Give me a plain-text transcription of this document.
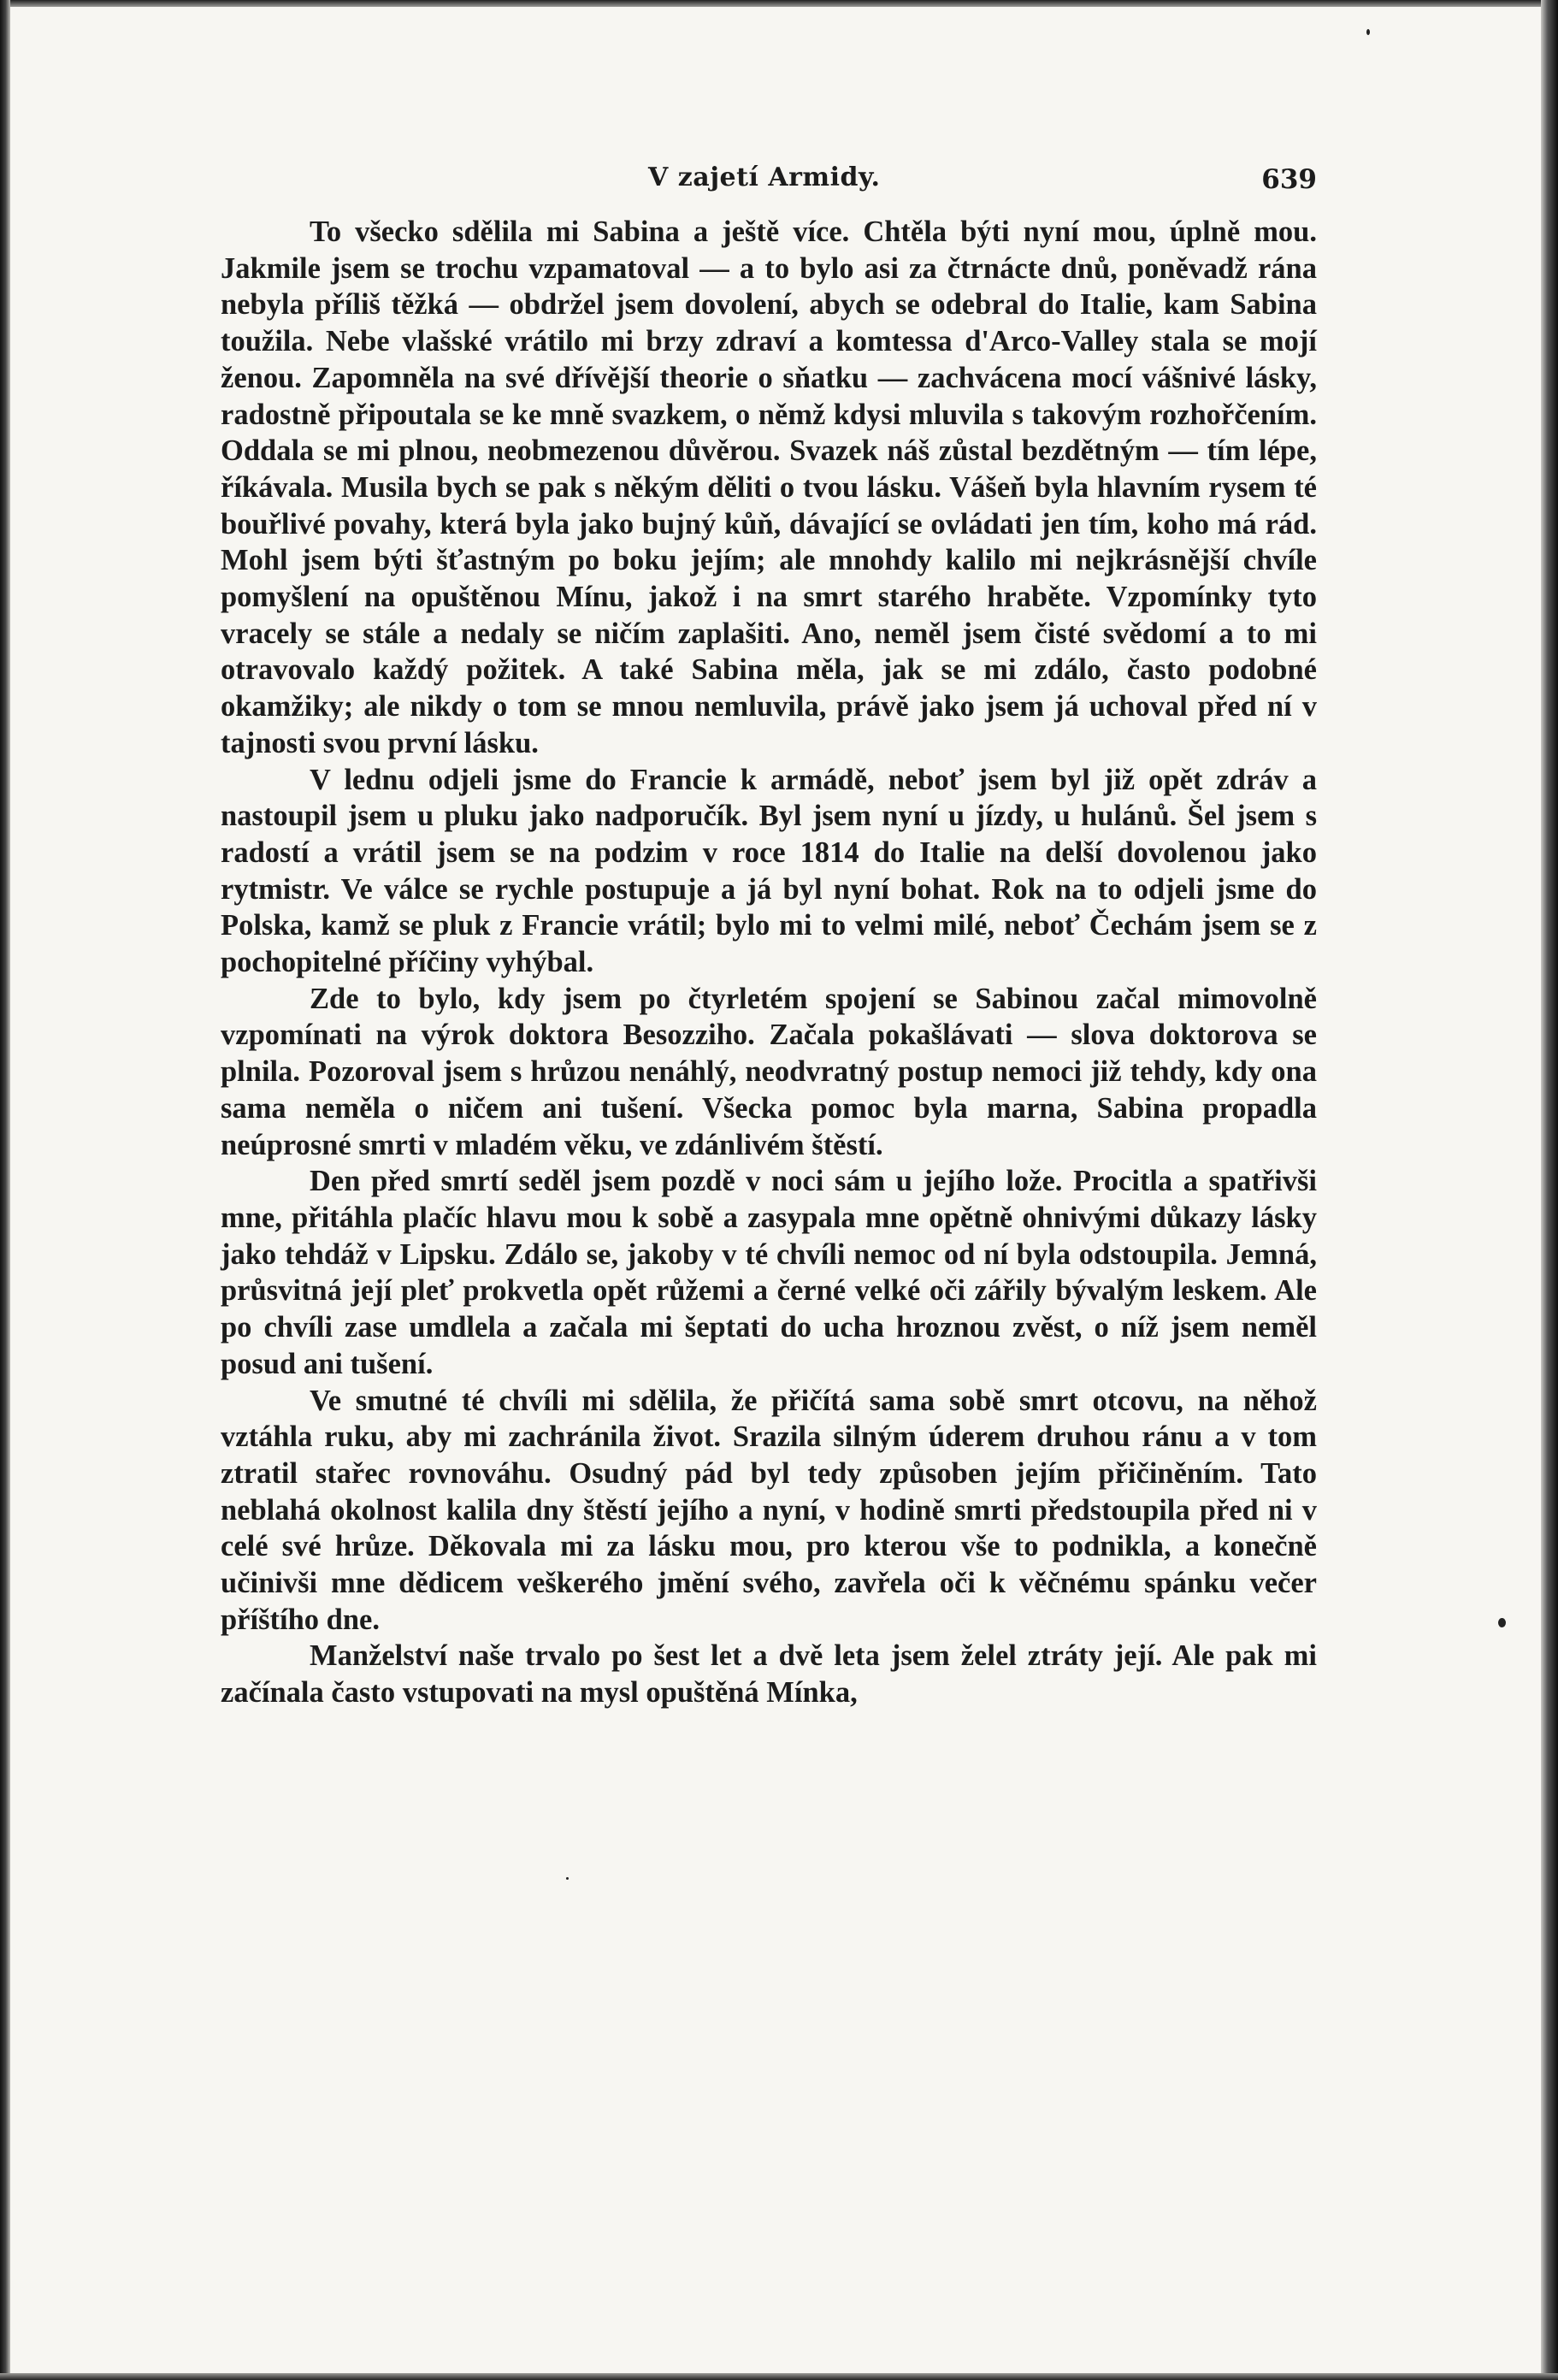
V zajetí Armidy.	639

To všecko sdělila mi Sabina a ještě více. Chtěla býti nyní mou, úplně mou. Jakmile jsem se trochu vzpamatoval — a to bylo asi za čtrnácte dnů, poněvadž rána nebyla příliš těžká — obdržel jsem dovolení, abych se odebral do Italie, kam Sabina toužila. Nebe vlašské vrátilo mi brzy zdraví a komtessa d'Arco-Valley stala se mojí ženou. Zapomněla na své dřívější theorie o sňatku — zachvácena mocí vášnivé lásky, radostně připoutala se ke mně svazkem, o němž kdysi mluvila s takovým rozhořčením. Oddala se mi plnou, neobmezenou důvěrou. Svazek náš zůstal bezdětným — tím lépe, říkávala. Musila bych se pak s někým děliti o tvou lásku. Vášeň byla hlavním rysem té bouřlivé povahy, která byla jako bujný kůň, dávající se ovládati jen tím, koho má rád. Mohl jsem býti šťastným po boku jejím; ale mnohdy kalilo mi nejkrásnější chvíle pomyšlení na opuštěnou Mínu, jakož i na smrt starého hraběte. Vzpomínky tyto vracely se stále a nedaly se ničím zaplašiti. Ano, neměl jsem čisté svědomí a to mi otravovalo každý požitek. A také Sabina měla, jak se mi zdálo, často podobné okamžiky; ale nikdy o tom se mnou nemluvila, právě jako jsem já uchoval před ní v tajnosti svou první lásku.

V lednu odjeli jsme do Francie k armádě, neboť jsem byl již opět zdráv a nastoupil jsem u pluku jako nadporučík. Byl jsem nyní u jízdy, u hulánů. Šel jsem s radostí a vrátil jsem se na podzim v roce 1814 do Italie na delší dovolenou jako rytmistr. Ve válce se rychle postupuje a já byl nyní bohat. Rok na to odjeli jsme do Polska, kamž se pluk z Francie vrátil; bylo mi to velmi milé, neboť Čechám jsem se z pochopitelné příčiny vyhýbal.

Zde to bylo, kdy jsem po čtyrletém spojení se Sabinou začal mimovolně vzpomínati na výrok doktora Besozziho. Začala pokašlávati — slova doktorova se plnila. Pozoroval jsem s hrůzou nenáhlý, neodvratný postup nemoci již tehdy, kdy ona sama neměla o ničem ani tušení. Všecka pomoc byla marna, Sabina propadla neúprosné smrti v mladém věku, ve zdánlivém štěstí.

Den před smrtí seděl jsem pozdě v noci sám u jejího lože. Procitla a spatřivši mne, přitáhla plačíc hlavu mou k sobě a zasypala mne opětně ohnivými důkazy lásky jako tehdáž v Lipsku. Zdálo se, jakoby v té chvíli nemoc od ní byla odstoupila. Jemná, průsvitná její pleť prokvetla opět růžemi a černé velké oči zářily bývalým leskem. Ale po chvíli zase umdlela a začala mi šeptati do ucha hroznou zvěst, o níž jsem neměl posud ani tušení.

Ve smutné té chvíli mi sdělila, že přičítá sama sobě smrt otcovu, na něhož vztáhla ruku, aby mi zachránila život. Srazila silným úderem druhou ránu a v tom ztratil stařec rovnováhu. Osudný pád byl tedy způsoben jejím přičiněním. Tato neblahá okolnost kalila dny štěstí jejího a nyní, v hodině smrti předstoupila před ni v celé své hrůze. Děkovala mi za lásku mou, pro kterou vše to podnikla, a konečně učinivši mne dědicem veškerého jmění svého, zavřela oči k věčnému spánku večer příštího dne.

Manželství naše trvalo po šest let a dvě leta jsem želel ztráty její. Ale pak mi začínala často vstupovati na mysl opuštěná Mínka,
